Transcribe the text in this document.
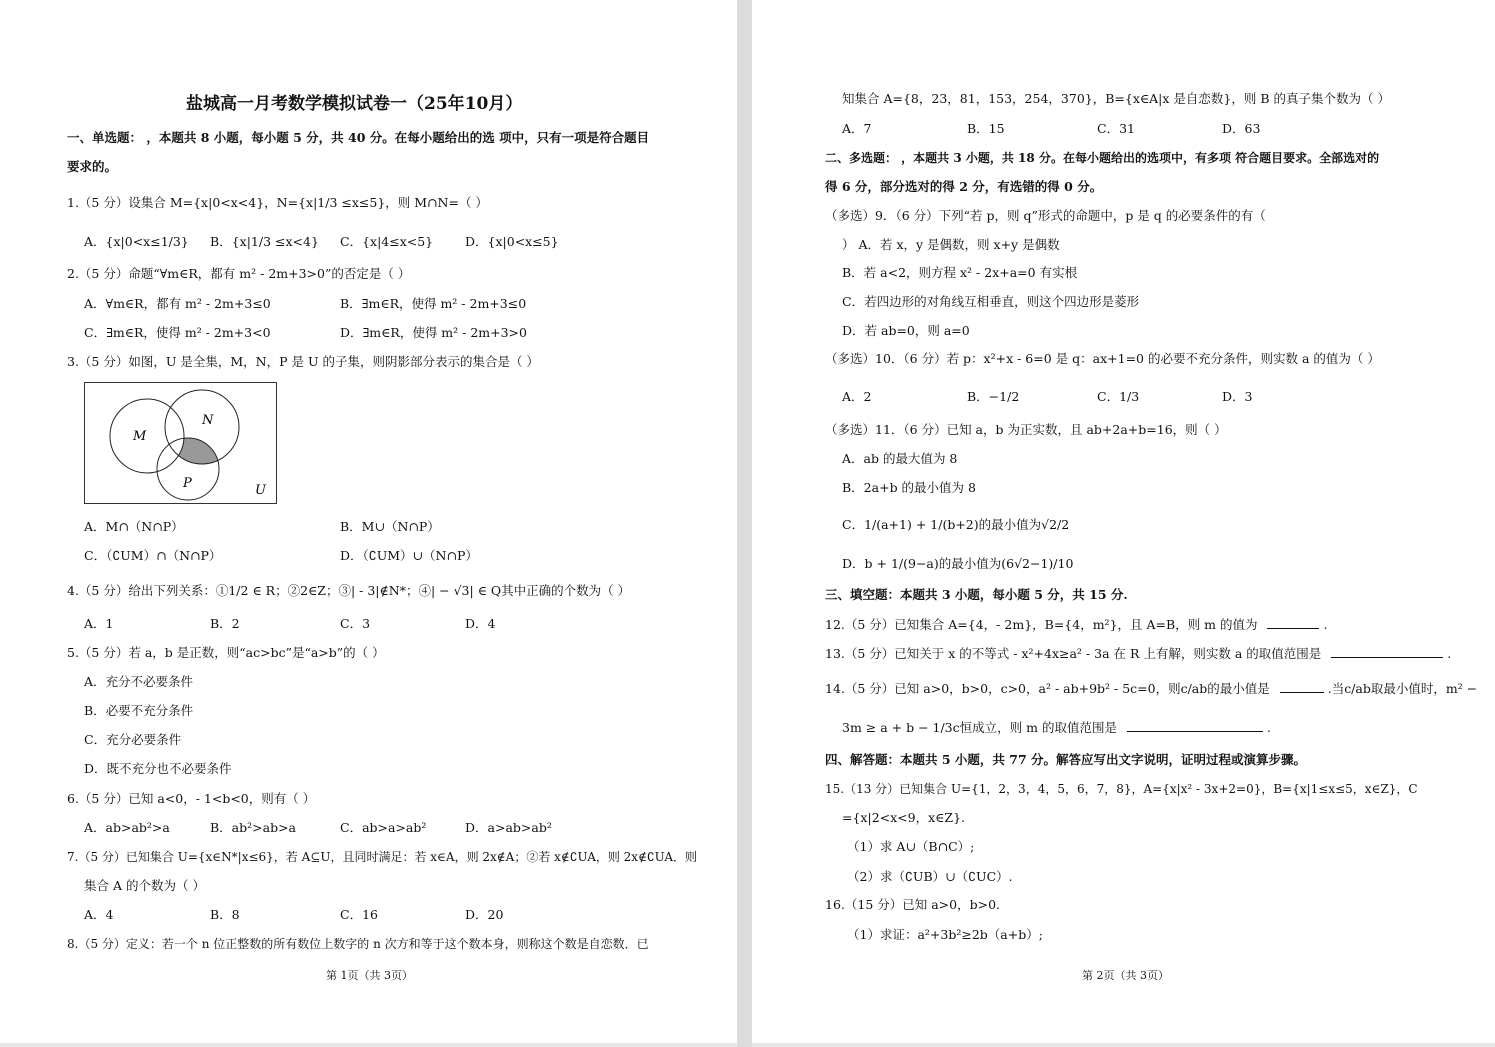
盐城高一月考数学模拟试卷一（25年10月）
一、单选题： ，本题共 8 小题，每小题 5 分，共 40 分。在每小题给出的选 项中，只有一项是符合题目
要求的。
1.（5 分）设集合 M={x|0<x<4}，N={x|1/3 ≤x≤5}，则 M∩N=（ ）
A．{x|0<x≤1/3} B．{x|1/3 ≤x<4} C．{x|4≤x<5}	D．{x|0<x≤5}
2.（5 分）命题“∀m∈R，都有 m² - 2m+3>0”的否定是（ ）
A．∀m∈R，都有 m² - 2m+3≤0	B．∃m∈R，使得 m² - 2m+3≤0
C．∃m∈R，使得 m² - 2m+3<0	D．∃m∈R，使得 m² - 2m+3>0
3.（5 分）如图，U 是全集，M，N，P 是 U 的子集，则阴影部分表示的集合是（ ）
M
N
P	U
A．M∩（N∩P）	B．M∪（N∩P）
C．（∁UM）∩（N∩P）	D．（∁UM）∪（N∩P）
4.（5 分）给出下列关系：①1/2 ∈ R；②2∈Z；③| - 3|∉N*；④| − √3| ∈ Q其中正确的个数为（ ）
A．1	B．2	C．3	D．4
5.（5 分）若 a，b 是正数，则“ac>bc”是“a>b”的（ ）
A．充分不必要条件
B．必要不充分条件
C．充分必要条件
D．既不充分也不必要条件
6.（5 分）已知 a<0，- 1<b<0，则有（ ）
A．ab>ab²>a	B．ab²>ab>a	C．ab>a>ab²	D．a>ab>ab²
7.（5 分）已知集合 U={x∈N*|x≤6}，若 A⊆U，且同时满足：若 x∈A，则 2x∉A；②若 x∉∁UA，则 2x∉∁UA．则
集合 A 的个数为（ ）
A．4	B．8	C．16	D．20
8.（5 分）定义：若一个 n 位正整数的所有数位上数字的 n 次方和等于这个数本身，则称这个数是自恋数．已
第 1页（共 3页）
知集合 A={8，23，81，153，254，370}，B={x∈A|x 是自恋数}，则 B 的真子集个数为（ ）
A．7	B．15	C．31	D．63
二、多选题： ，本题共 3 小题，共 18 分。在每小题给出的选项中，有多项 符合题目要求。全部选对的
得 6 分，部分选对的得 2 分，有选错的得 0 分。
（多选）9．（6 分）下列“若 p，则 q”形式的命题中，p 是 q 的必要条件的有（
） A．若 x，y 是偶数，则 x+y 是偶数
B．若 a<2，则方程 x² - 2x+a=0 有实根
C．若四边形的对角线互相垂直，则这个四边形是菱形
D．若 ab=0，则 a=0
（多选）10．（6 分）若 p：x²+x - 6=0 是 q：ax+1=0 的必要不充分条件，则实数 a 的值为（ ）
A．2	B．−1/2	C．1/3	D．3
（多选）11．（6 分）已知 a，b 为正实数，且 ab+2a+b=16，则（ ）
A．ab 的最大值为 8
B．2a+b 的最小值为 8
C．1/(a+1) + 1/(b+2)的最小值为√2/2
D．b + 1/(9−a)的最小值为(6√2−1)/10
三、填空题：本题共 3 小题，每小题 5 分，共 15 分.
12.（5 分）已知集合 A={4，- 2m}，B={4，m²}，且 A=B，则 m 的值为	.
13.（5 分）已知关于 x 的不等式 - x²+4x≥a² - 3a 在 R 上有解，则实数 a 的取值范围是	.
14.（5 分）已知 a>0，b>0，c>0，a² - ab+9b² - 5c=0，则c/ab的最小值是	.当c/ab取最小值时，m² −
3m ≥ a + b − 1/3c恒成立，则 m 的取值范围是	.
四、解答题：本题共 5 小题，共 77 分。解答应写出文字说明，证明过程或演算步骤。
15.（13 分）已知集合 U={1，2，3，4，5，6，7，8}，A={x|x² - 3x+2=0}，B={x|1≤x≤5，x∈Z}，C
={x|2<x<9，x∈Z}.
（1）求 A∪（B∩C）;
（2）求（∁UB）∪（∁UC）.
16.（15 分）已知 a>0，b>0.
（1）求证：a²+3b²≥2b（a+b）;
第 2页（共 3页）
